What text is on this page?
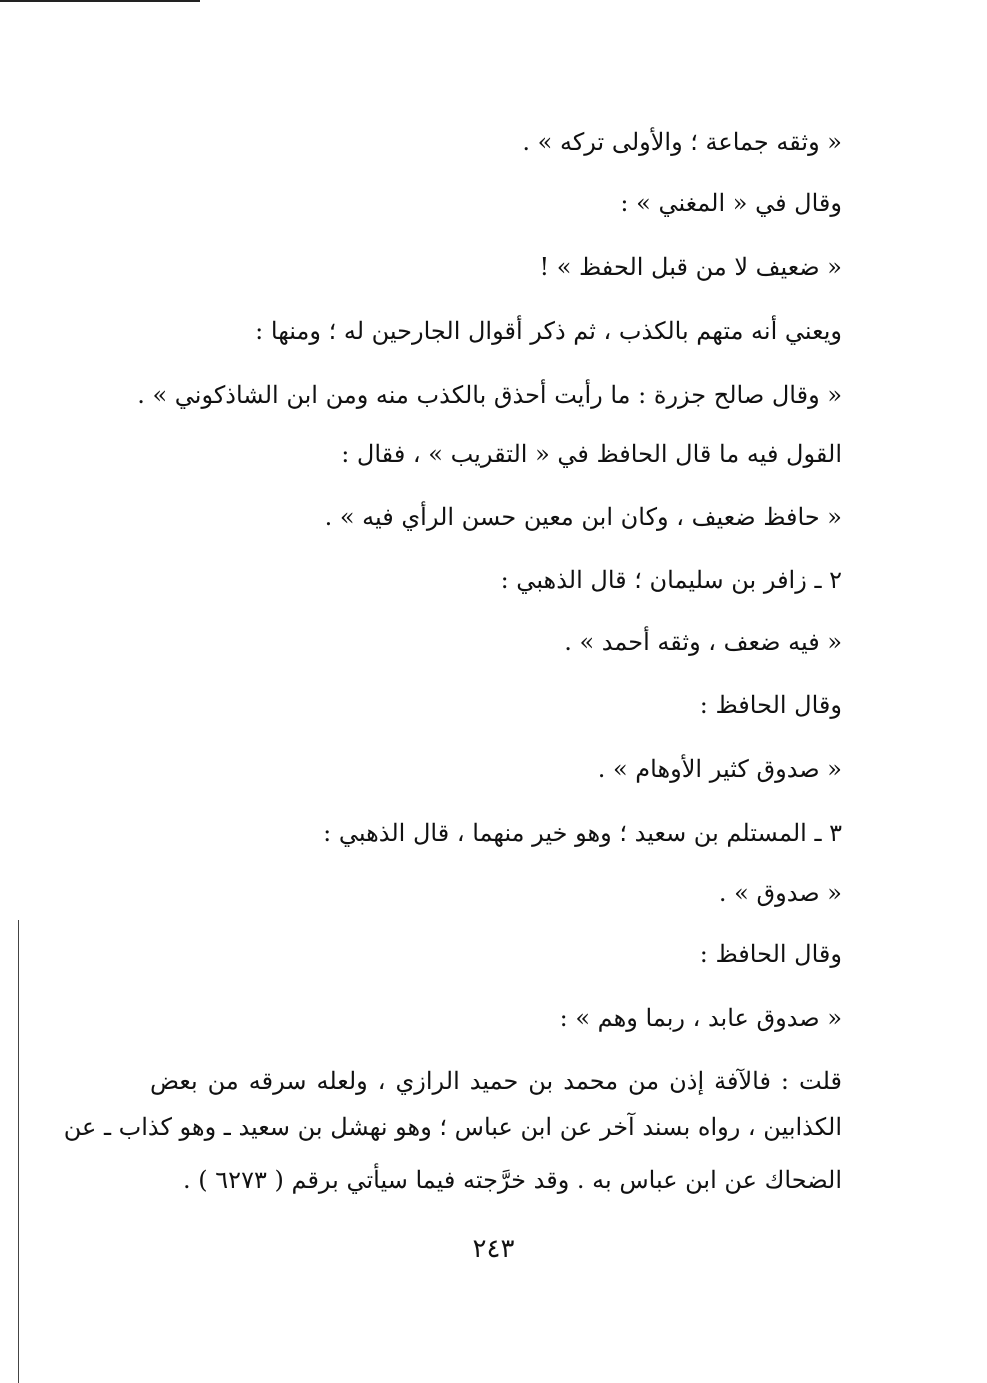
« وثقه جماعة ؛ والأولى تركه » .
وقال في « المغني » :
« ضعيف لا من قبل الحفظ » !
ويعني أنه متهم بالكذب ، ثم ذكر أقوال الجارحين له ؛ ومنها :
« وقال صالح جزرة : ما رأيت أحذق بالكذب منه ومن ابن الشاذكوني » .
القول فيه ما قال الحافظ في « التقريب » ، فقال :
« حافظ ضعيف ، وكان ابن معين حسن الرأي فيه » .
٢ ـ زافر بن سليمان ؛ قال الذهبي :
« فيه ضعف ، وثقه أحمد » .
وقال الحافظ :
« صدوق كثير الأوهام » .
٣ ـ المستلم بن سعيد ؛ وهو خير منهما ، قال الذهبي :
« صدوق » .
وقال الحافظ :
« صدوق عابد ، ربما وهم » :
قلت : فالآفة إذن من محمد بن حميد الرازي ، ولعله سرقه من بعض
الكذابين ، رواه بسند آخر عن ابن عباس ؛ وهو نهشل بن سعيد ـ وهو كذاب ـ عن
الضحاك عن ابن عباس به . وقد خرَّجته فيما سيأتي برقم ( ٦٢٧٣ ) .
٢٤٣
